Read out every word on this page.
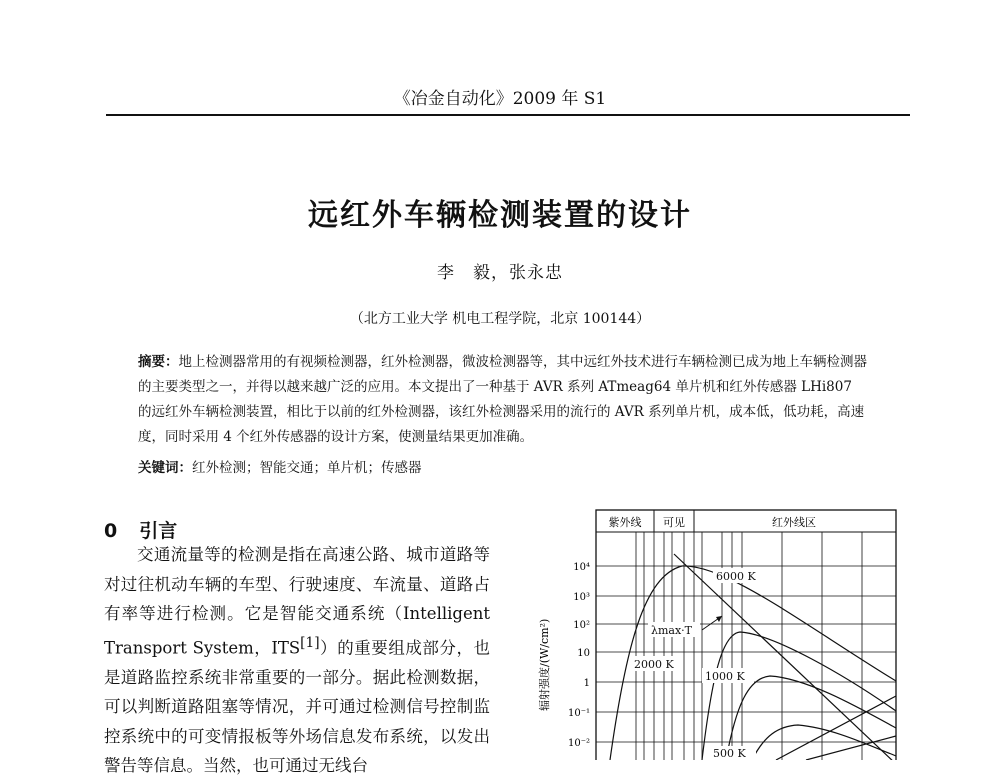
《冶金自动化》2009 年 S1
远红外车辆检测装置的设计
李　毅，张永忠
（北方工业大学 机电工程学院，北京 100144）
摘要：地上检测器常用的有视频检测器，红外检测器，微波检测器等，其中远红外技术进行车辆检测已成为地上车辆检测器的主要类型之一，并得以越来越广泛的应用。本文提出了一种基于 AVR 系列 ATmeag64 单片机和红外传感器 LHi807 的远红外车辆检测装置，相比于以前的红外检测器，该红外检测器采用的流行的 AVR 系列单片机，成本低，低功耗，高速度，同时采用 4 个红外传感器的设计方案，使测量结果更加准确。
关键词：红外检测；智能交通；单片机；传感器
0 引言

交通流量等的检测是指在高速公路、城市道路等对过往机动车辆的车型、行驶速度、车流量、道路占有率等进行检测。它是智能交通系统（Intelligent Transport System，ITS[1]）的重要组成部分，也是道路监控系统非常重要的一部分。据此检测数据，可以判断道路阻塞等情况，并可通过检测信号控制监控系统中的可变情报板等外场信息发布系统，以发出警告等信息。当然，也可通过无线台

紫外线 可见	红外线区
10⁴
10³
10²
10
1
10⁻¹
10⁻²
辐射强度/(W/cm²)
6000 K
2000 K
1000 K
500 K
λmax·T
